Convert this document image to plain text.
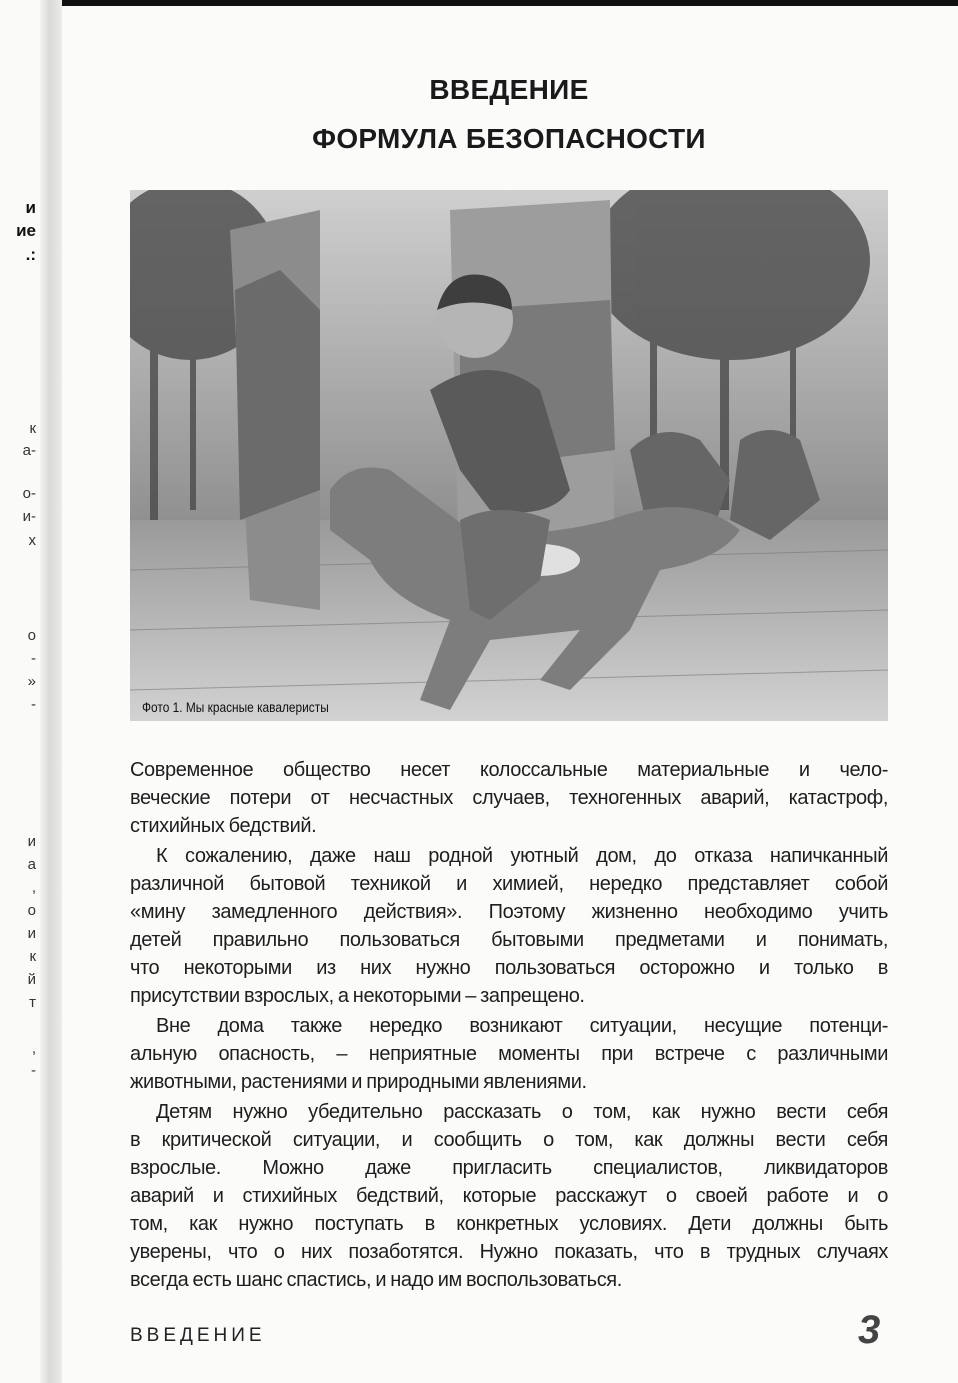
и
ие
.:
к
а-
о-
и-
х
о
-
»
-
и
а
,
о
и
к
й
т
,
-
ВВЕДЕНИЕ
ФОРМУЛА БЕЗОПАСНОСТИ
Фото 1. Мы красные кавалеристы
Современное общество несет колоссальные материальные и чело-
веческие потери от несчастных случаев, техногенных аварий, катастроф,
стихийных бедствий.
К сожалению, даже наш родной уютный дом, до отказа напичканный
различной бытовой техникой и химией, нередко представляет собой
«мину замедленного действия». Поэтому жизненно необходимо учить
детей правильно пользоваться бытовыми предметами и понимать,
что некоторыми из них нужно пользоваться осторожно и только в
присутствии взрослых, а некоторыми – запрещено.
Вне дома также нередко возникают ситуации, несущие потенци-
альную опасность, – неприятные моменты при встрече с различными
животными, растениями и природными явлениями.
Детям нужно убедительно рассказать о том, как нужно вести себя
в критической ситуации, и сообщить о том, как должны вести себя
взрослые. Можно даже пригласить специалистов, ликвидаторов
аварий и стихийных бедствий, которые расскажут о своей работе и о
том, как нужно поступать в конкретных условиях. Дети должны быть
уверены, что о них позаботятся. Нужно показать, что в трудных случаях
всегда есть шанс спастись, и надо им воспользоваться.
ВВЕДЕНИЕ	3
